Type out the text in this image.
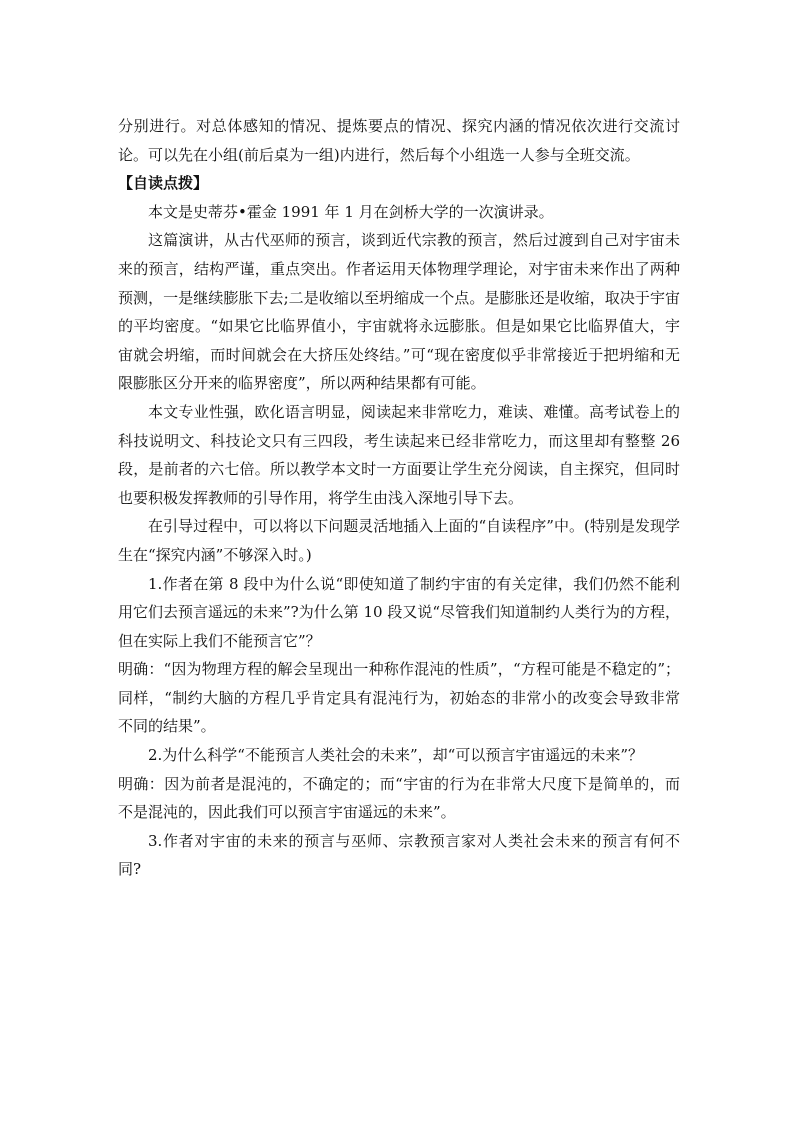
分别进行。对总体感知的情况、提炼要点的情况、探究内涵的情况依次进行交流讨论。可以先在小组(前后桌为一组)内进行，然后每个小组选一人参与全班交流。

【自读点拨】

本文是史蒂芬•霍金 1991 年 1 月在剑桥大学的一次演讲录。

这篇演讲，从古代巫师的预言，谈到近代宗教的预言，然后过渡到自己对宇宙未来的预言，结构严谨，重点突出。作者运用天体物理学理论，对宇宙未来作出了两种预测，一是继续膨胀下去;二是收缩以至坍缩成一个点。是膨胀还是收缩，取决于宇宙的平均密度。“如果它比临界值小，宇宙就将永远膨胀。但是如果它比临界值大，宇宙就会坍缩，而时间就会在大挤压处终结。”可“现在密度似乎非常接近于把坍缩和无限膨胀区分开来的临界密度”，所以两种结果都有可能。

本文专业性强，欧化语言明显，阅读起来非常吃力，难读、难懂。高考试卷上的科技说明文、科技论文只有三四段，考生读起来已经非常吃力，而这里却有整整 26 段，是前者的六七倍。所以教学本文时一方面要让学生充分阅读，自主探究，但同时也要积极发挥教师的引导作用，将学生由浅入深地引导下去。

在引导过程中，可以将以下问题灵活地插入上面的“自读程序”中。(特别是发现学生在“探究内涵”不够深入时。)

1.作者在第 8 段中为什么说“即使知道了制约宇宙的有关定律，我们仍然不能利用它们去预言遥远的未来”?为什么第 10 段又说“尽管我们知道制约人类行为的方程，但在实际上我们不能预言它”？

明确：“因为物理方程的解会呈现出一种称作混沌的性质”，“方程可能是不稳定的”；同样，“制约大脑的方程几乎肯定具有混沌行为，初始态的非常小的改变会导致非常不同的结果”。

2.为什么科学“不能预言人类社会的未来”，却“可以预言宇宙遥远的未来”？

明确：因为前者是混沌的，不确定的；而“宇宙的行为在非常大尺度下是简单的，而不是混沌的，因此我们可以预言宇宙遥远的未来”。

3.作者对宇宙的未来的预言与巫师、宗教预言家对人类社会未来的预言有何不同?
